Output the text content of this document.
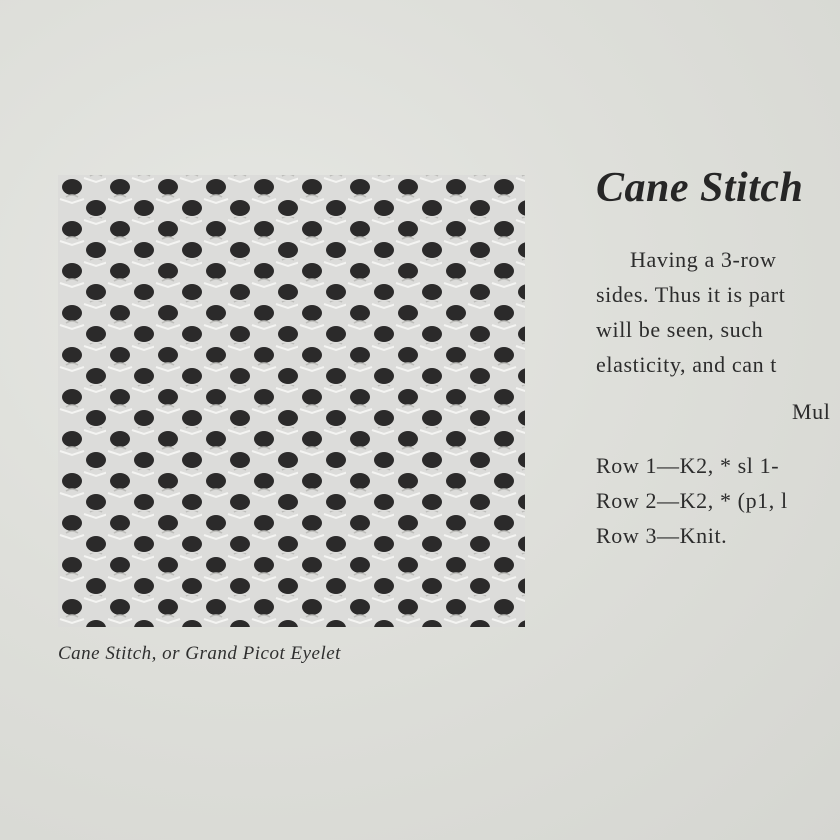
Cane Stitch, or Grand Picot Eyelet
Cane Stitch
Having a 3-row
sides. Thus it is part
will be seen, such
elasticity, and can t
Mul
Row 1—K2, * sl 1-
Row 2—K2, * (p1, l
Row 3—Knit.
